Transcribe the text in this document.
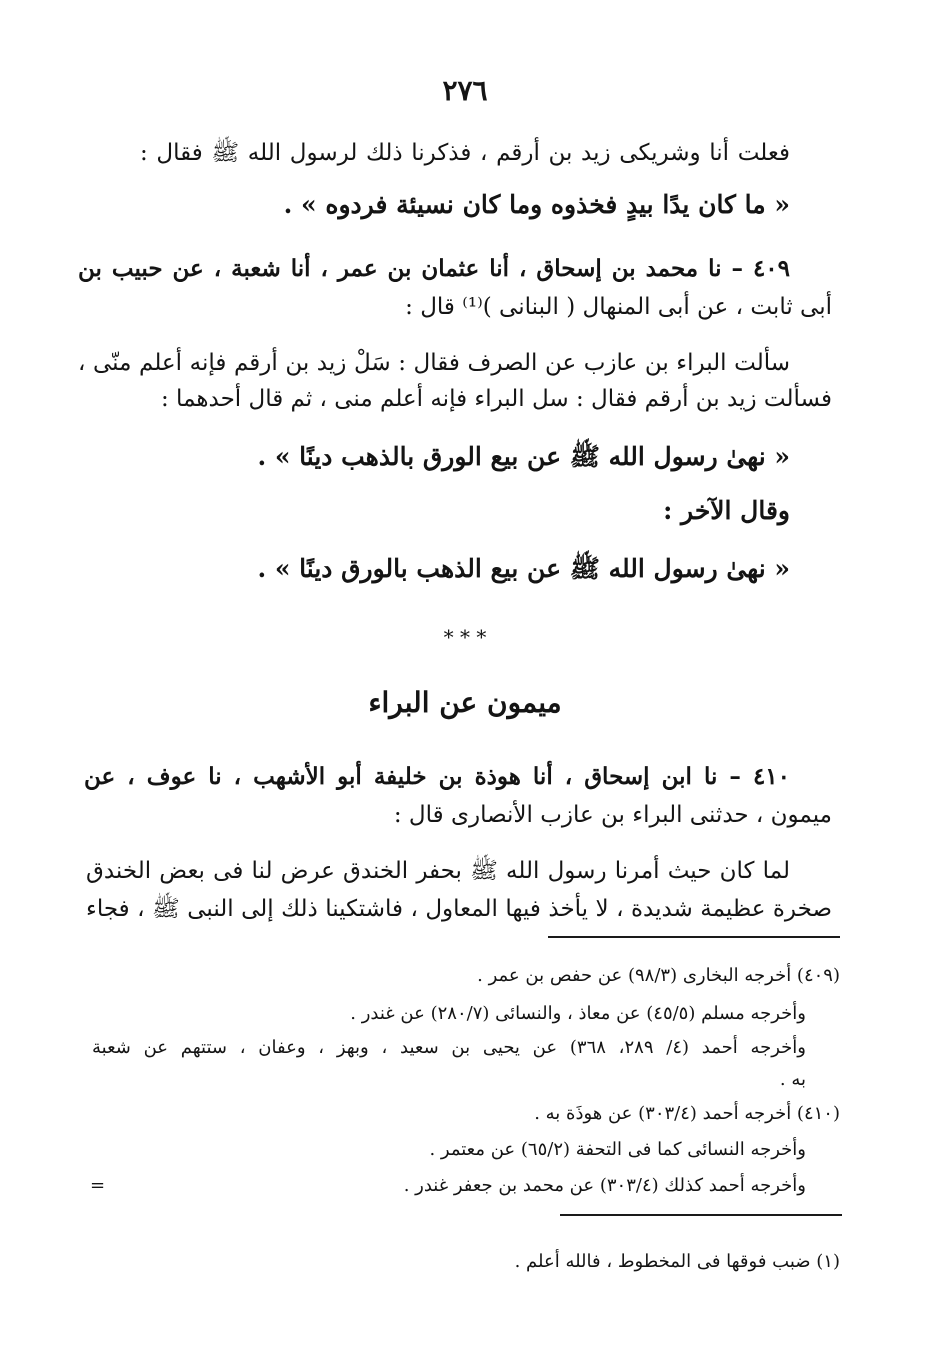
٢٧٦
فعلت أنا وشريكى زيد بن أرقم ، فذكرنا ذلك لرسول الله ﷺ فقال :
« ما كان يدًا بيدٍ فخذوه وما كان نسيئة فردوه » .
٤٠٩ – نا محمد بن إسحاق ، أنا عثمان بن عمر ، أنا شعبة ، عن حبيب بن
أبى ثابت ، عن أبى المنهال ( البنانى )⁽¹⁾ قال :
سألت البراء بن عازب عن الصرف فقال : سَلْ زيد بن أرقم فإنه أعلم منّى ،
فسألت زيد بن أرقم فقال : سل البراء فإنه أعلم منى ، ثم قال أحدهما :
« نهىٰ رسول الله ﷺ عن بيع الورق بالذهب دينًا » .
وقال الآخر :
« نهىٰ رسول الله ﷺ عن بيع الذهب بالورق دينًا » .
* * *
ميمون عن البراء
٤١٠ – نا ابن إسحاق ، أنا هوذة بن خليفة أبو الأشهب ، نا عوف ، عن
ميمون ، حدثنى البراء بن عازب الأنصارى قال :
لما كان حيث أمرنا رسول الله ﷺ بحفر الخندق عرض لنا فى بعض الخندق
صخرة عظيمة شديدة ، لا يأخذ فيها المعاول ، فاشتكينا ذلك إلى النبى ﷺ ، فجاء
(٤٠٩) أخرجه البخارى (٩٨/٣) عن حفص بن عمر .
وأخرجه مسلم (٤٥/٥) عن معاذ ، والنسائى (٢٨٠/٧) عن غندر .
وأخرجه أحمد (٤/ ٢٨٩، ٣٦٨) عن يحيى بن سعيد ، وبهز ، وعفان ، ستتهم عن شعبة
به .
(٤١٠) أخرجه أحمد (٣٠٣/٤) عن هوذَة به .
وأخرجه النسائى كما فى التحفة (٦٥/٢) عن معتمر .
وأخرجه أحمد كذلك (٣٠٣/٤) عن محمد بن جعفر غندر .
=
(١) ضبب فوقها فى المخطوط ، فالله أعلم .
